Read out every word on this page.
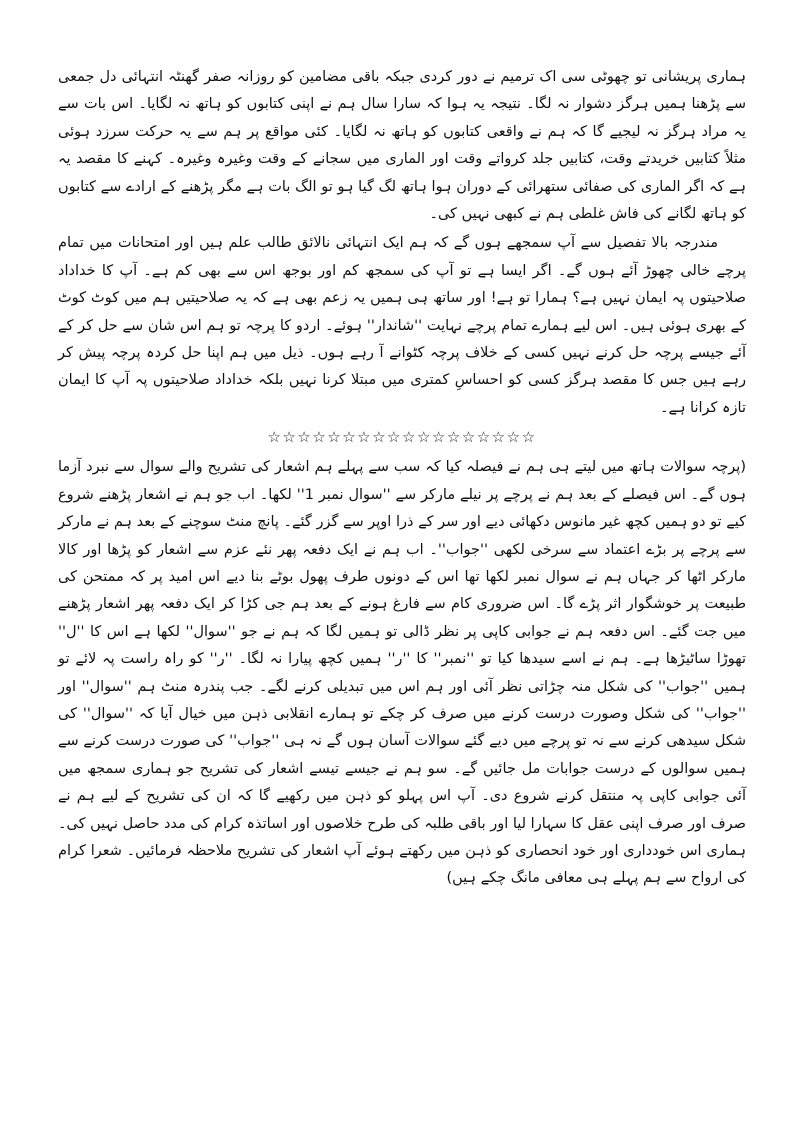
ہماری پریشانی تو چھوٹی سی اک ترمیم نے دور کردی جبکہ باقی مضامین کو روزانہ صفر گھنٹہ انتہائی دل جمعی سے پڑھنا ہمیں ہرگز دشوار نہ لگا۔ نتیجہ یہ ہوا کہ سارا سال ہم نے اپنی کتابوں کو ہاتھ نہ لگایا۔ اس بات سے یہ مراد ہرگز نہ لیجیے گا کہ ہم نے واقعی کتابوں کو ہاتھ نہ لگایا۔ کئی مواقع پر ہم سے یہ حرکت سرزد ہوئی مثلاً کتابیں خریدتے وقت، کتابیں جلد کرواتے وقت اور الماری میں سجانے کے وقت وغیرہ وغیرہ۔ کہنے کا مقصد یہ ہے کہ اگر الماری کی صفائی ستھرائی کے دوران ہوا ہاتھ لگ گیا ہو تو الگ بات ہے مگر پڑھنے کے ارادے سے کتابوں کو ہاتھ لگانے کی فاش غلطی ہم نے کبھی نہیں کی۔

مندرجہ بالا تفصیل سے آپ سمجھے ہوں گے کہ ہم ایک انتہائی نالائق طالب علم ہیں اور امتحانات میں تمام پرچے خالی چھوڑ آئے ہوں گے۔ اگر ایسا ہے تو آپ کی سمجھ کم اور بوجھ اس سے بھی کم ہے۔ آپ کا خداداد صلاحیتوں پہ ایمان نہیں ہے؟ ہمارا تو ہے! اور ساتھ ہی ہمیں یہ زعم بھی ہے کہ یہ صلاحیتیں ہم میں کوٹ کوٹ کے بھری ہوئی ہیں۔ اس لیے ہمارے تمام پرچے نہایت ''شاندار'' ہوئے۔ اردو کا پرچہ تو ہم اس شان سے حل کر کے آئے جیسے پرچہ حل کرنے نہیں کسی کے خلاف پرچہ کٹوانے آ رہے ہوں۔ ذیل میں ہم اپنا حل کردہ پرچہ پیش کر رہے ہیں جس کا مقصد ہرگز کسی کو احساسِ کمتری میں مبتلا کرنا نہیں بلکہ خداداد صلاحیتوں پہ آپ کا ایمان تازہ کرانا ہے۔

☆☆☆☆☆☆☆☆☆☆☆☆☆☆☆☆☆☆

(پرچہ سوالات ہاتھ میں لیتے ہی ہم نے فیصلہ کیا کہ سب سے پہلے ہم اشعار کی تشریح والے سوال سے نبرد آزما ہوں گے۔ اس فیصلے کے بعد ہم نے پرچے پر نیلے مارکر سے ''سوال نمبر 1'' لکھا۔ اب جو ہم نے اشعار پڑھنے شروع کیے تو دو ہمیں کچھ غیر مانوس دکھائی دیے اور سر کے ذرا اوپر سے گزر گئے۔ پانچ منٹ سوچنے کے بعد ہم نے مارکر سے پرچے پر بڑے اعتماد سے سرخی لکھی ''جواب''۔ اب ہم نے ایک دفعہ پھر نئے عزم سے اشعار کو پڑھا اور کالا مارکر اٹھا کر جہاں ہم نے سوال نمبر لکھا تھا اس کے دونوں طرف پھول بوٹے بنا دیے اس امید پر کہ ممتحن کی طبیعت پر خوشگوار اثر پڑے گا۔ اس ضروری کام سے فارغ ہونے کے بعد ہم جی کڑا کر ایک دفعہ پھر اشعار پڑھنے میں جت گئے۔ اس دفعہ ہم نے جوابی کاپی پر نظر ڈالی تو ہمیں لگا کہ ہم نے جو ''سوال'' لکھا ہے اس کا ''ل'' تھوڑا ساٹیڑھا ہے۔ ہم نے اسے سیدھا کیا تو ''نمبر'' کا ''ر'' ہمیں کچھ پیارا نہ لگا۔ ''ر'' کو راہ راست پہ لائے تو ہمیں ''جواب'' کی شکل منہ چڑاتی نظر آئی اور ہم اس میں تبدیلی کرنے لگے۔ جب پندرہ منٹ ہم ''سوال'' اور ''جواب'' کی شکل وصورت درست کرنے میں صرف کر چکے تو ہمارے انقلابی ذہن میں خیال آیا کہ ''سوال'' کی شکل سیدھی کرنے سے نہ تو پرچے میں دیے گئے سوالات آسان ہوں گے نہ ہی ''جواب'' کی صورت درست کرنے سے ہمیں سوالوں کے درست جوابات مل جائیں گے۔ سو ہم نے جیسے تیسے اشعار کی تشریح جو ہماری سمجھ میں آئی جوابی کاپی پہ منتقل کرنے شروع دی۔ آپ اس پہلو کو ذہن میں رکھیے گا کہ ان کی تشریح کے لیے ہم نے صرف اور صرف اپنی عقل کا سہارا لیا اور باقی طلبہ کی طرح خلاصوں اور اساتذہ کرام کی مدد حاصل نہیں کی۔ ہماری اس خودداری اور خود انحصاری کو ذہن میں رکھتے ہوئے آپ اشعار کی تشریح ملاحظہ فرمائیں۔ شعرا کرام کی ارواح سے ہم پہلے ہی معافی مانگ چکے ہیں)
